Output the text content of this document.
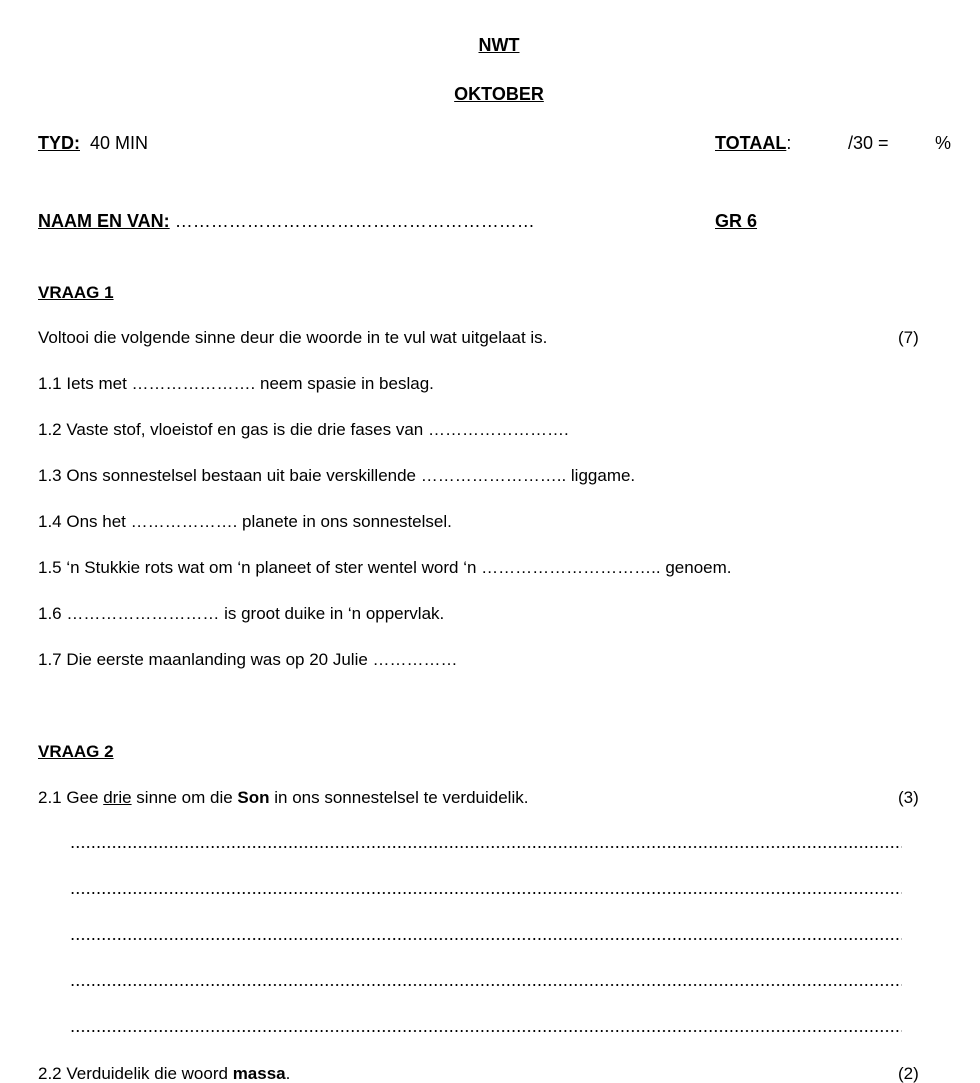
NWT
OKTOBER
TYD: 40 MIN	TOTAAL:	/30 =	%
NAAM EN VAN: ……………………………………………………	GR 6
VRAAG 1
Voltooi die volgende sinne deur die woorde in te vul wat uitgelaat is.	(7)
1.1 Iets met …………………. neem spasie in beslag.
1.2 Vaste stof, vloeistof en gas is die drie fases van …………………….
1.3 Ons sonnestelsel bestaan uit baie verskillende …………………….. liggame.
1.4 Ons het ………………. planete in ons sonnestelsel.
1.5 ‘n Stukkie rots wat om ‘n planeet of ster wentel word ‘n ………………………….. genoem.
1.6 ……………………… is groot duike in ‘n oppervlak.
1.7 Die eerste maanlanding was op 20 Julie ……………
VRAAG 2
2.1 Gee drie sinne om die Son in ons sonnestelsel te verduidelik.	(3)
2.2 Verduidelik die woord massa.	(2)
